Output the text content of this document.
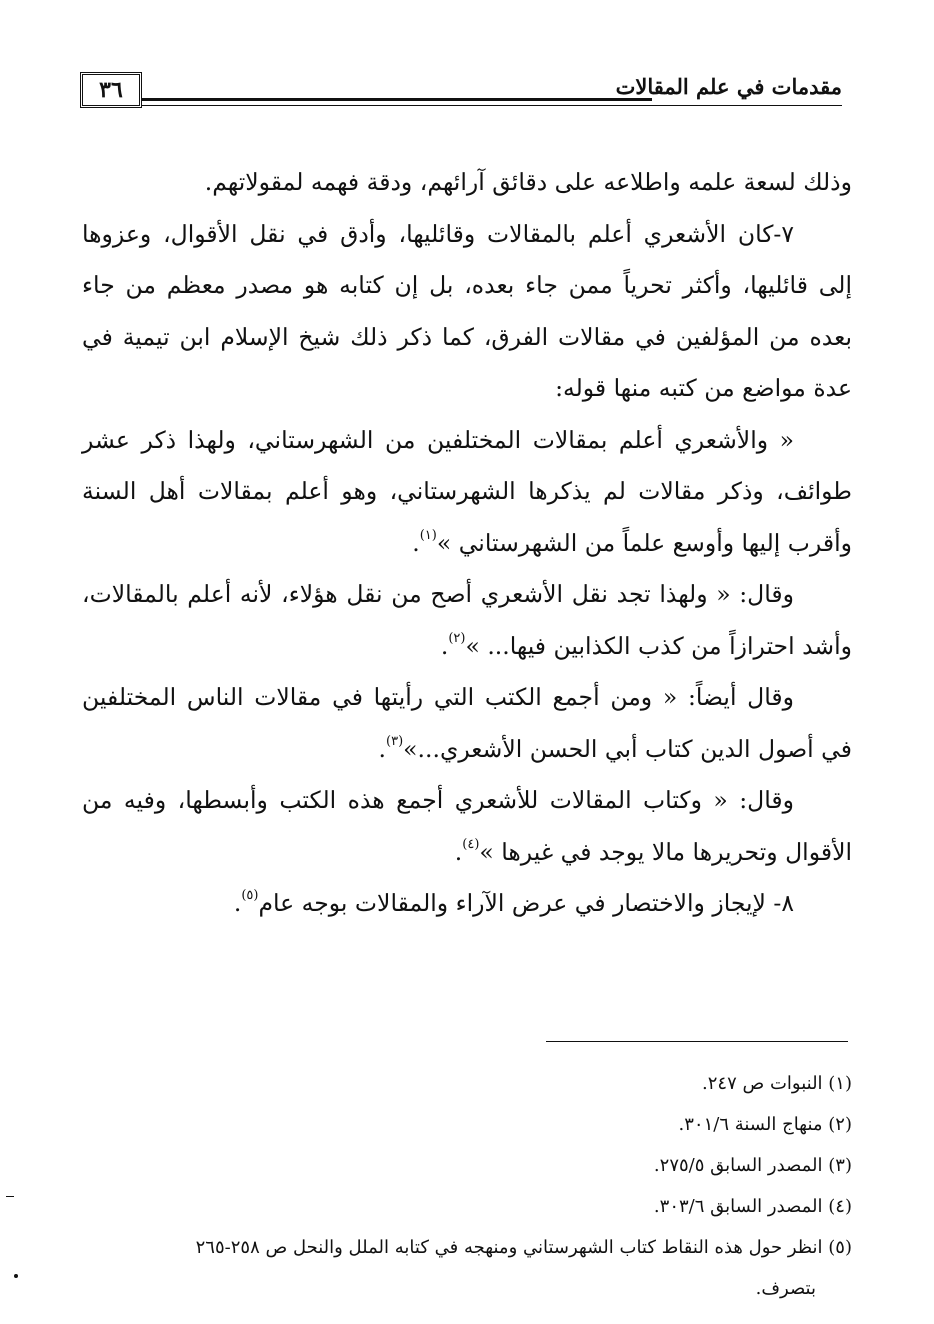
٣٦	مقدمات في علم المقالات

وذلك لسعة علمه واطلاعه على دقائق آرائهم، ودقة فهمه لمقولاتهم.

٧-كان الأشعري أعلم بالمقالات وقائليها، وأدق في نقل الأقوال، وعزوها إلى قائليها، وأكثر تحرياً ممن جاء بعده، بل إن كتابه هو مصدر معظم من جاء بعده من المؤلفين في مقالات الفرق، كما ذكر ذلك شيخ الإسلام ابن تيمية في عدة مواضع من كتبه منها قوله:

« والأشعري أعلم بمقالات المختلفين من الشهرستاني، ولهذا ذكر عشر طوائف، وذكر مقالات لم يذكرها الشهرستاني، وهو أعلم بمقالات أهل السنة وأقرب إليها وأوسع علماً من الشهرستاني »$^{(١)}$.

وقال: « ولهذا تجد نقل الأشعري أصح من نقل هؤلاء، لأنه أعلم بالمقالات، وأشد احترازاً من كذب الكذابين فيها... »$^{(٢)}$.

وقال أيضاً: « ومن أجمع الكتب التي رأيتها في مقالات الناس المختلفين في أصول الدين كتاب أبي الحسن الأشعري...»$^{(٣)}$.

وقال: « وكتاب المقالات للأشعري أجمع هذه الكتب وأبسطها، وفيه من الأقوال وتحريرها مالا يوجد في غيرها »$^{(٤)}$.

٨- لإيجاز والاختصار في عرض الآراء والمقالات بوجه عام$^{(٥)}$.

(١) النبوات ص ٢٤٧.

(٢) منهاج السنة ٣٠١/٦.

(٣) المصدر السابق ٢٧٥/٥.

(٤) المصدر السابق ٣٠٣/٦.

(٥) انظر حول هذه النقاط كتاب الشهرستاني ومنهجه في كتابه الملل والنحل ص ٢٥٨-٢٦٥

بتصرف.
